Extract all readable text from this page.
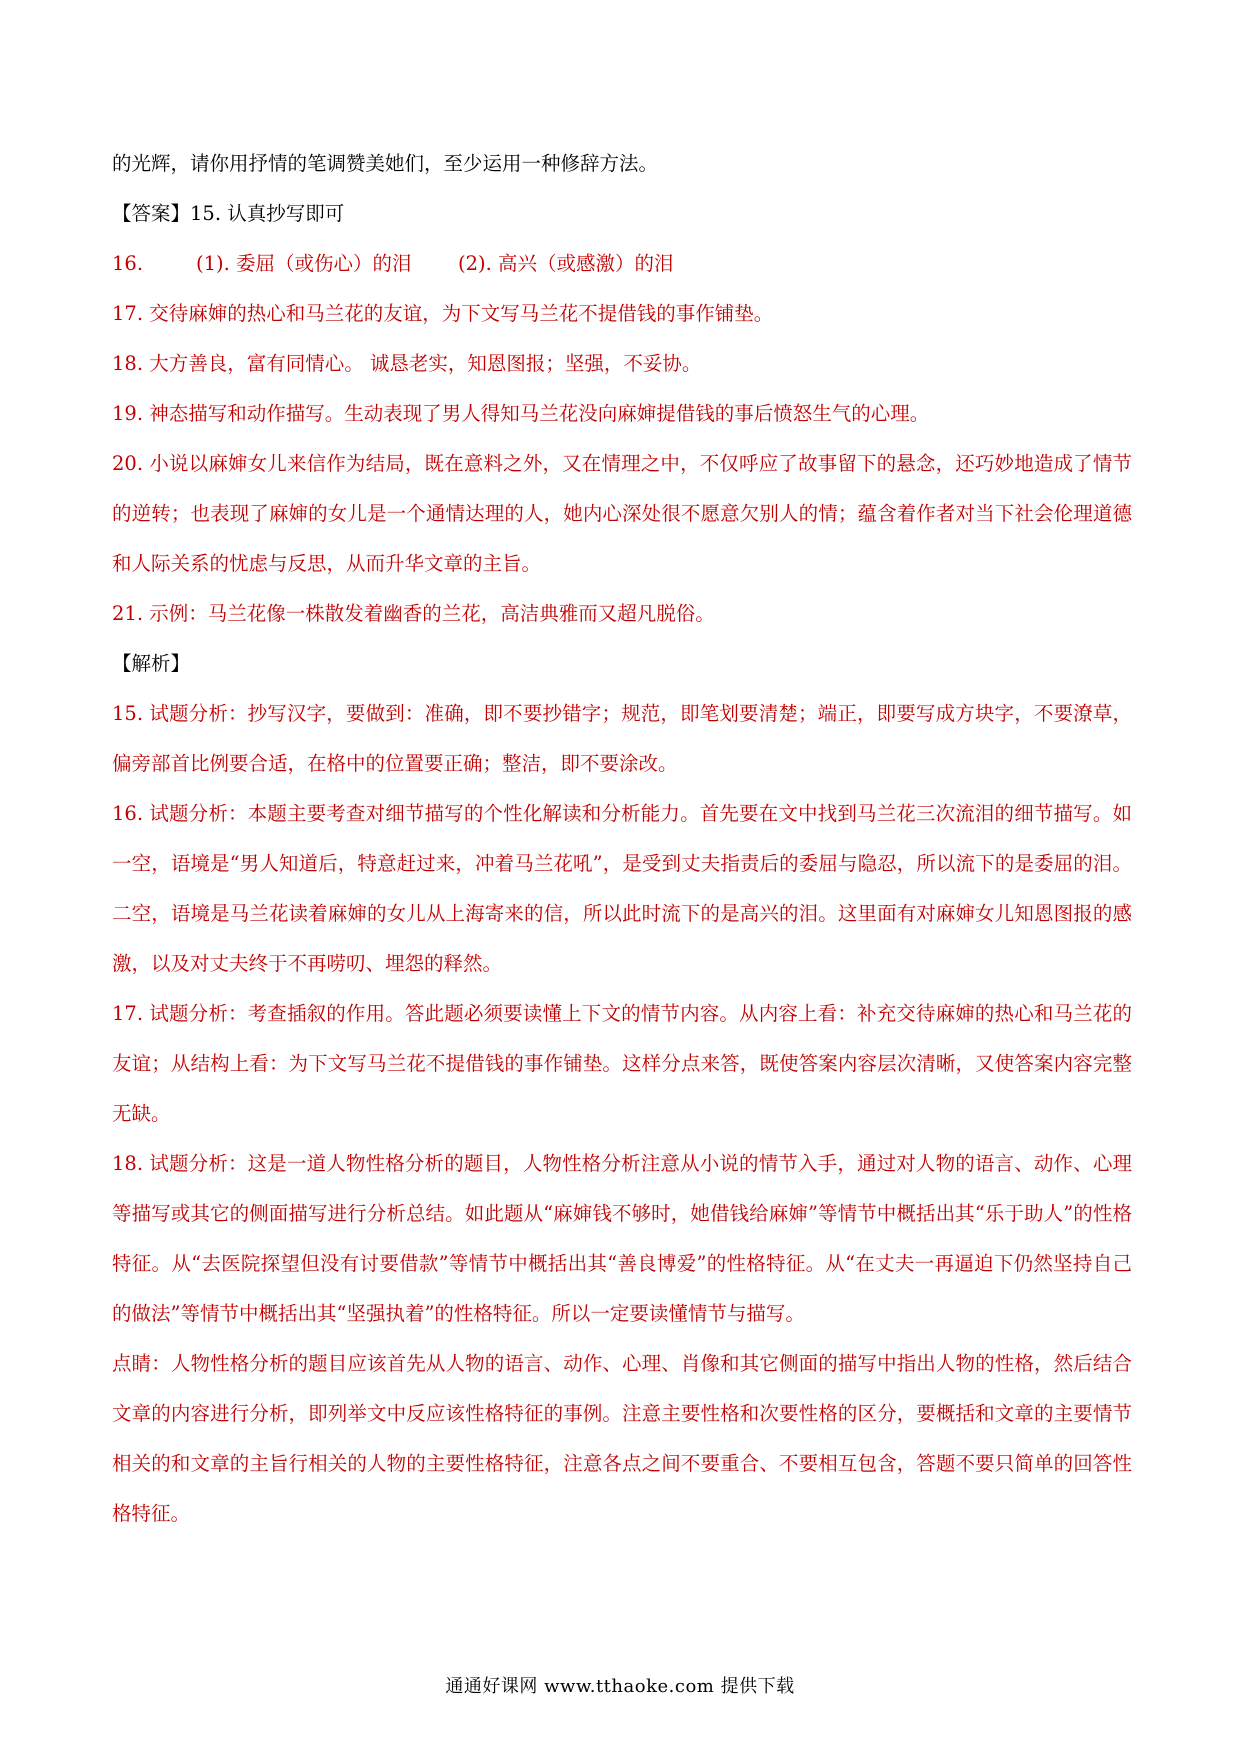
的光辉，请你用抒情的笔调赞美她们，至少运用一种修辞方法。

【答案】15. 认真抄写即可

16.	(1). 委屈（或伤心）的泪	(2). 高兴（或感激）的泪

17. 交待麻婶的热心和马兰花的友谊，为下文写马兰花不提借钱的事作铺垫。

18. 大方善良，富有同情心。 诚恳老实，知恩图报；坚强，不妥协。

19. 神态描写和动作描写。生动表现了男人得知马兰花没向麻婶提借钱的事后愤怒生气的心理。

20. 小说以麻婶女儿来信作为结局，既在意料之外，又在情理之中，不仅呼应了故事留下的悬念，还巧妙地造成了情节的逆转；也表现了麻婶的女儿是一个通情达理的人，她内心深处很不愿意欠别人的情；蕴含着作者对当下社会伦理道德和人际关系的忧虑与反思，从而升华文章的主旨。

21. 示例：马兰花像一株散发着幽香的兰花，高洁典雅而又超凡脱俗。

【解析】

15. 试题分析：抄写汉字，要做到：准确，即不要抄错字；规范，即笔划要清楚；端正，即要写成方块字，不要潦草，偏旁部首比例要合适，在格中的位置要正确；整洁，即不要涂改。

16. 试题分析：本题主要考查对细节描写的个性化解读和分析能力。首先要在文中找到马兰花三次流泪的细节描写。如一空，语境是“男人知道后，特意赶过来，冲着马兰花吼”，是受到丈夫指责后的委屈与隐忍，所以流下的是委屈的泪。二空，语境是马兰花读着麻婶的女儿从上海寄来的信，所以此时流下的是高兴的泪。这里面有对麻婶女儿知恩图报的感激，以及对丈夫终于不再唠叨、埋怨的释然。

17. 试题分析：考查插叙的作用。答此题必须要读懂上下文的情节内容。从内容上看：补充交待麻婶的热心和马兰花的友谊；从结构上看：为下文写马兰花不提借钱的事作铺垫。这样分点来答，既使答案内容层次清晰，又使答案内容完整无缺。

18. 试题分析：这是一道人物性格分析的题目，人物性格分析注意从小说的情节入手，通过对人物的语言、动作、心理等描写或其它的侧面描写进行分析总结。如此题从“麻婶钱不够时，她借钱给麻婶”等情节中概括出其“乐于助人”的性格特征。从“去医院探望但没有讨要借款”等情节中概括出其“善良博爱”的性格特征。从“在丈夫一再逼迫下仍然坚持自己的做法”等情节中概括出其“坚强执着”的性格特征。所以一定要读懂情节与描写。

点睛：人物性格分析的题目应该首先从人物的语言、动作、心理、肖像和其它侧面的描写中指出人物的性格，然后结合文章的内容进行分析，即列举文中反应该性格特征的事例。注意主要性格和次要性格的区分，要概括和文章的主要情节相关的和文章的主旨行相关的人物的主要性格特征，注意各点之间不要重合、不要相互包含，答题不要只简单的回答性格特征。

通通好课网 www.tthaoke.com 提供下载
